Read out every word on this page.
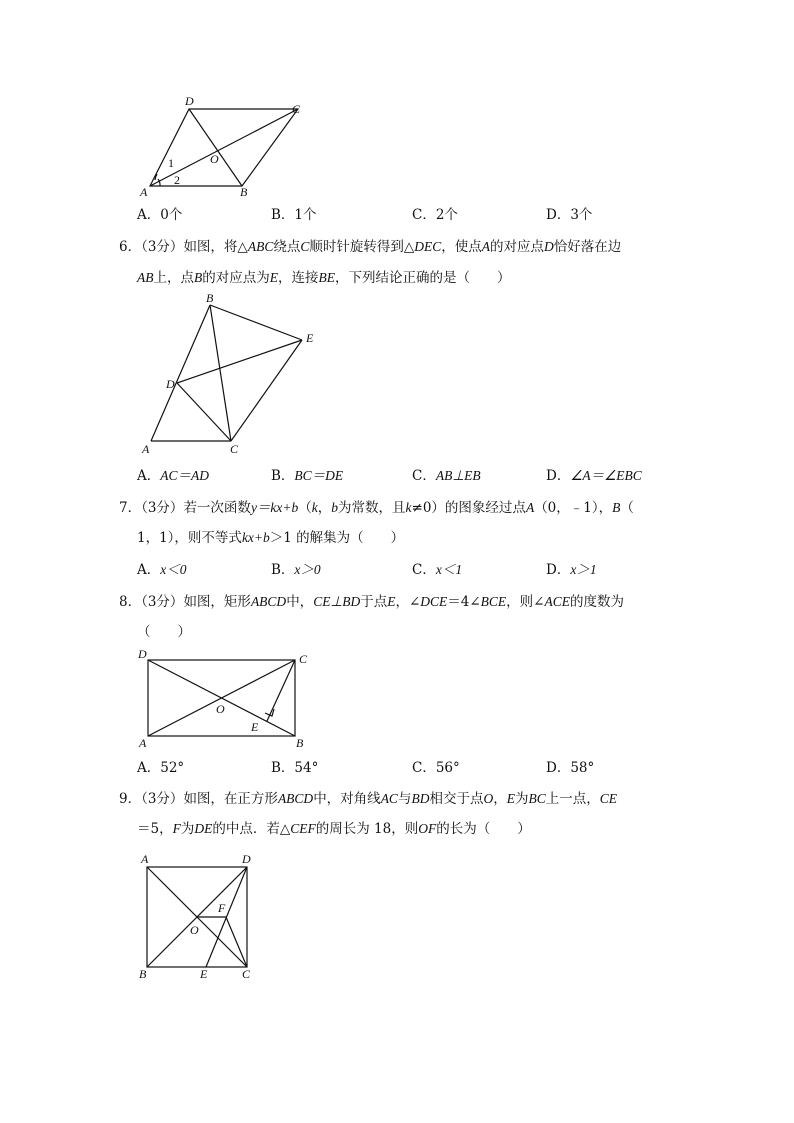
D
C
O
1
2
A	B
A．0个	B．1个	C．2个	D．3个
6．（3分）如图，将△ABC绕点C顺时针旋转得到△DEC，使点A的对应点D恰好落在边
AB上，点B的对应点为E，连接BE，下列结论正确的是（　　）
B
E
D
A	C
A．AC＝AD	B．BC＝DE	C．AB⊥EB	D．∠A＝∠EBC
7．（3分）若一次函数y＝kx+b（k，b为常数，且k≠0）的图象经过点A（0，﹣1），B（
1，1），则不等式kx+b＞1 的解集为（　　）
A．x＜0	B．x＞0	C．x＜1	D．x＞1
8．（3分）如图，矩形ABCD中，CE⊥BD于点E，∠DCE＝4∠BCE，则∠ACE的度数为
（　　）
D	C
O
E
A	B
A．52°	B．54°	C．56°	D．58°
9．（3分）如图，在正方形ABCD中，对角线AC与BD相交于点O，E为BC上一点，CE
＝5，F为DE的中点．若△CEF的周长为 18，则OF的长为（　　）
A	D
F
O
B	E	C
